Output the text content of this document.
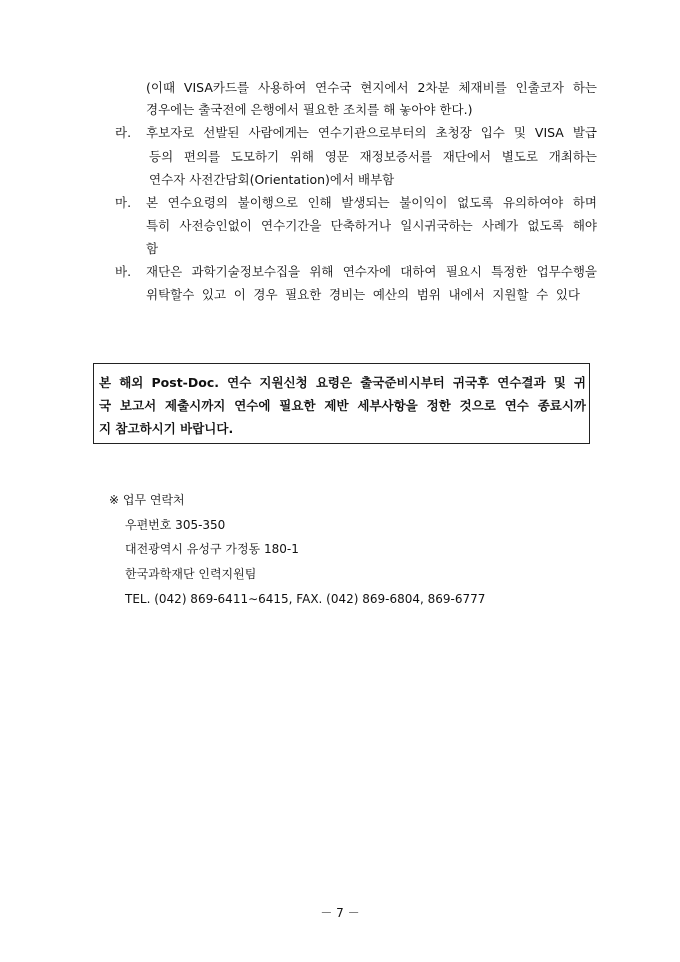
(이때 VISA카드를 사용하여 연수국 현지에서 2차분 체재비를 인출코자 하는
경우에는 출국전에 은행에서 필요한 조치를 해 놓아야 한다.)
라. 후보자로 선발된 사람에게는 연수기관으로부터의 초청장 입수 및 VISA 발급
등의 편의를 도모하기 위해 영문 재정보증서를 재단에서 별도로 개최하는
연수자 사전간담회(Orientation)에서 배부함
마. 본 연수요령의 불이행으로 인해 발생되는 불이익이 없도록 유의하여야 하며
특히 사전승인없이 연수기간을 단축하거나 일시귀국하는 사례가 없도록 해야
함
바. 재단은 과학기술정보수집을 위해 연수자에 대하여 필요시 특정한 업무수행을
위탁할수 있고 이 경우 필요한 경비는 예산의 범위 내에서 지원할 수 있다
본 해외 Post-Doc. 연수 지원신청 요령은 출국준비시부터 귀국후 연수결과 및 귀
국 보고서 제출시까지 연수에 필요한 제반 세부사항을 정한 것으로 연수 종료시까
지 참고하시기 바랍니다.
※ 업무 연락처
우편번호 305-350
대전광역시 유성구 가정동 180-1
한국과학재단 인력지원팀
TEL. (042) 869-6411∼6415, FAX. (042) 869-6804, 869-6777
－ 7 －
